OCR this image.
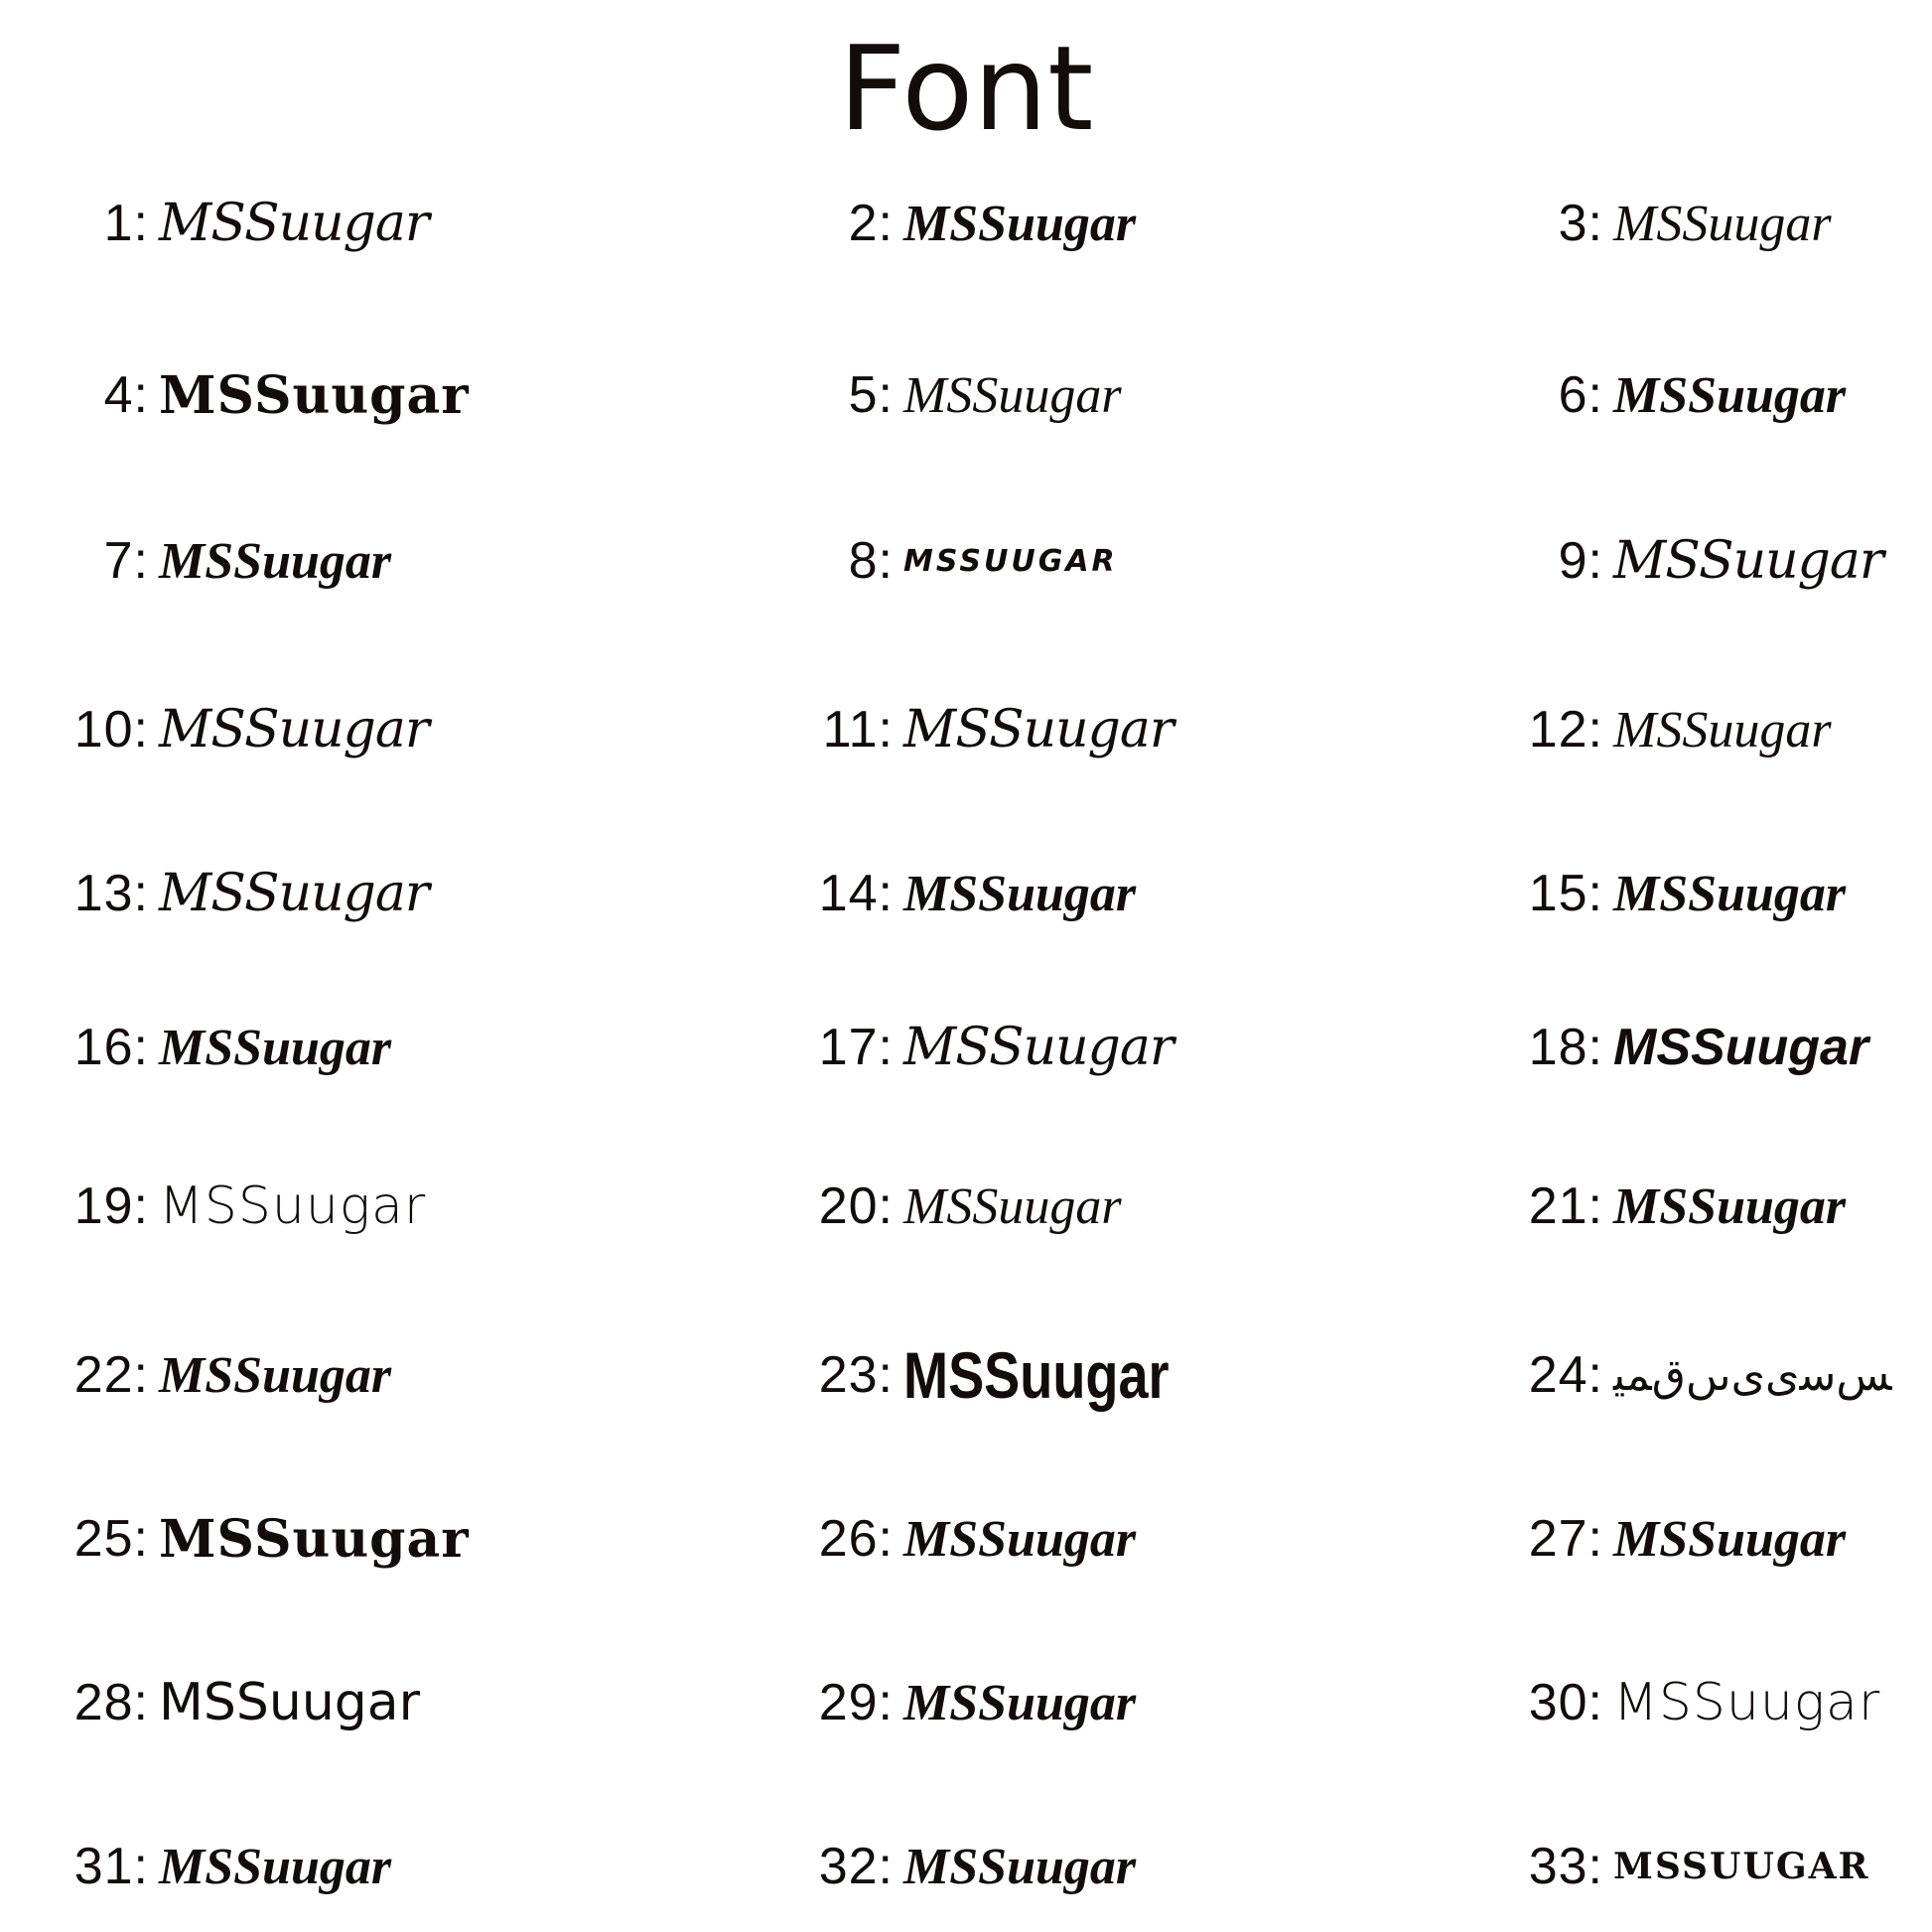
Font
1: MSSuugar	2: MSSuugar	3: MSSuugar
4: MSSuugar	5: MSSuugar	6: MSSuugar
7: MSSuugar	8: MSSUUGAR	9: MSSuugar
10: MSSuugar	11: MSSuugar	12: MSSuugar
13: MSSuugar	14: MSSuugar	15: MSSuugar
16: MSSuugar	17: MSSuugar	18: MSSuugar
19: MSSuugar	20: MSSuugar	21: MSSuugar
22: MSSuugar	23: MSSuugar	24: ﺲﺳیﯼںںﻕﻤﯿ
25: MSSuugar	26: MSSuugar	27: MSSuugar
28: MSSuugar	29: MSSuugar	30: MSSuugar
31: MSSuugar	32: MSSuugar	33: MSSUUGAR
